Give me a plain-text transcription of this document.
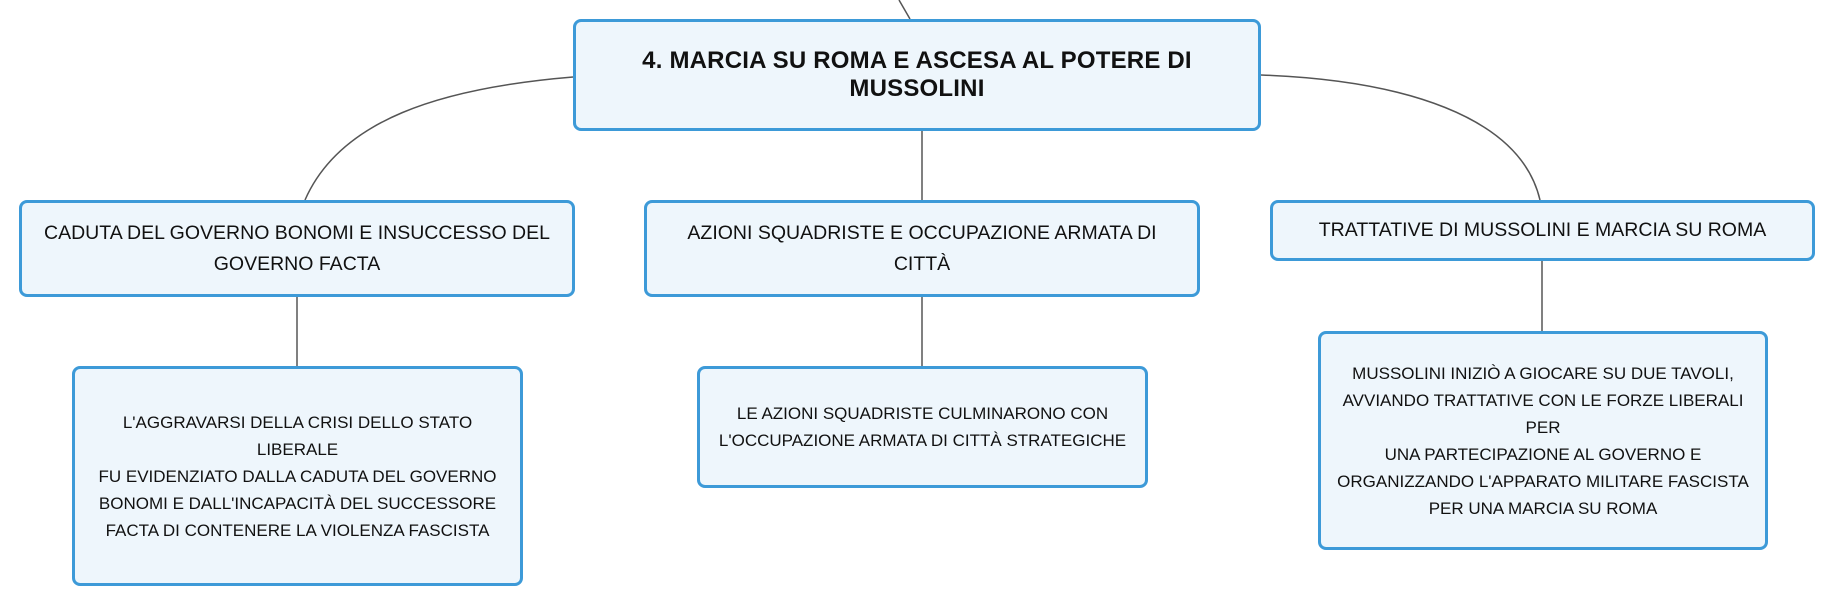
4. MARCIA SU ROMA E ASCESA AL POTERE DI MUSSOLINI
CADUTA DEL GOVERNO BONOMI E INSUCCESSO DEL
GOVERNO FACTA
AZIONI SQUADRISTE E OCCUPAZIONE ARMATA DI CITTÀ
TRATTATIVE DI MUSSOLINI E MARCIA SU ROMA
L'AGGRAVARSI DELLA CRISI DELLO STATO LIBERALE
FU EVIDENZIATO DALLA CADUTA DEL GOVERNO
BONOMI E DALL'INCAPACITÀ DEL SUCCESSORE
FACTA DI CONTENERE LA VIOLENZA FASCISTA
LE AZIONI SQUADRISTE CULMINARONO CON
L'OCCUPAZIONE ARMATA DI CITTÀ STRATEGICHE
MUSSOLINI INIZIÒ A GIOCARE SU DUE TAVOLI,
AVVIANDO TRATTATIVE CON LE FORZE LIBERALI PER
UNA PARTECIPAZIONE AL GOVERNO E
ORGANIZZANDO L'APPARATO MILITARE FASCISTA
PER UNA MARCIA SU ROMA
